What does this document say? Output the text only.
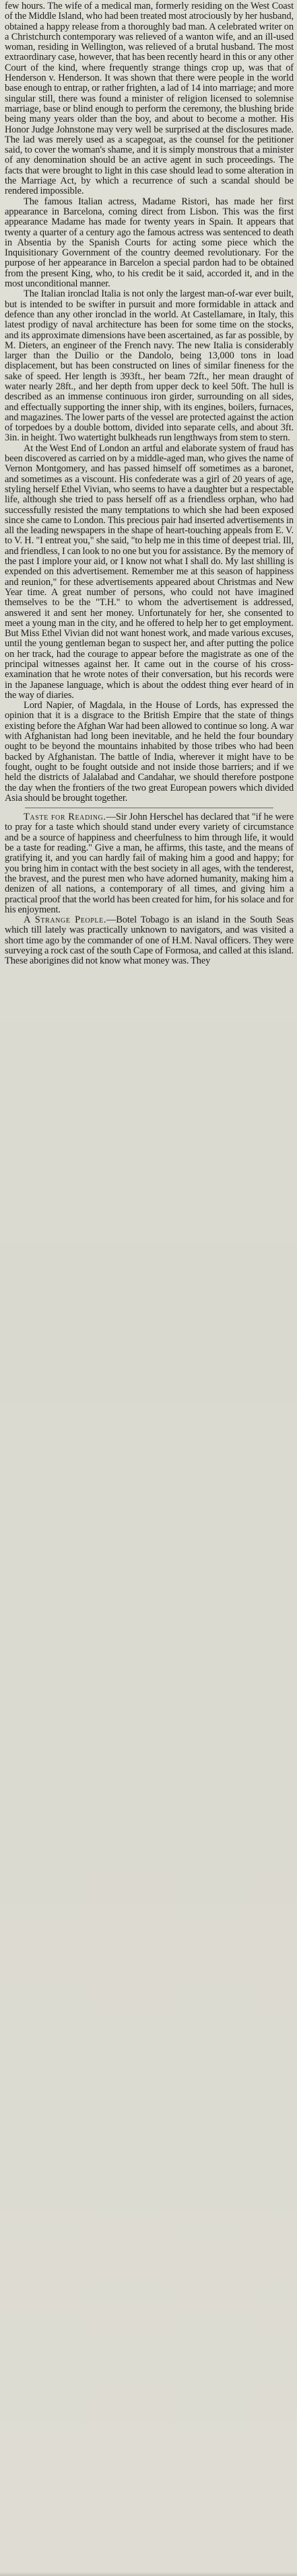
few hours. The wife of a medical man, formerly residing on the West Coast of the Middle Island, who had been treated most atrociously by her husband, obtained a happy release from a thoroughly bad man. A celebrated writer on a Christchurch contemporary was relieved of a wanton wife, and an ill-used woman, residing in Wellington, was relieved of a brutal husband. The most extraordinary case, however, that has been recently heard in this or any other Court of the kind, where frequently strange things crop up, was that of Henderson v. Henderson. It was shown that there were people in the world base enough to entrap, or rather frighten, a lad of 14 into marriage; and more singular still, there was found a minister of religion licensed to solemnise marriage, base or blind enough to perform the ceremony, the blushing bride being many years older than the boy, and about to become a mother. His Honor Judge Johnstone may very well be surprised at the disclosures made. The lad was merely used as a scapegoat, as the counsel for the petitioner said, to cover the woman's shame, and it is simply monstrous that a minister of any denomination should be an active agent in such proceedings. The facts that were brought to light in this case should lead to some alteration in the Marriage Act, by which a recurrence of such a scandal should be rendered impossible.

The famous Italian actress, Madame Ristori, has made her first appearance in Barcelona, coming direct from Lisbon. This was the first appearance Madame has made for twenty years in Spain. It appears that twenty a quarter of a century ago the famous actress was sentenced to death in Absentia by the Spanish Courts for acting some piece which the Inquisitionary Government of the country deemed revolutionary. For the purpose of her appearance in Barcelon a special pardon had to be obtained from the present King, who, to his credit be it said, accorded it, and in the most unconditional manner.

The Italian ironclad Italia is not only the largest man-of-war ever built, but is intended to be swifter in pursuit and more formidable in attack and defence than any other ironclad in the world. At Castellamare, in Italy, this latest prodigy of naval architecture has been for some time on the stocks, and its approximate dimensions have been ascertained, as far as possible, by M. Dieters, an engineer of the French navy. The new Italia is considerably larger than the Duilio or the Dandolo, being 13,000 tons in load displacement, but has been constructed on lines of similar fineness for the sake of speed. Her length is 393ft., her beam 72ft., her mean draught of water nearly 28ft., and her depth from upper deck to keel 50ft. The hull is described as an immense continuous iron girder, surrounding on all sides, and effectually supporting the inner ship, with its engines, boilers, furnaces, and magazines. The lower parts of the vessel are protected against the action of torpedoes by a double bottom, divided into separate cells, and about 3ft. 3in. in height. Two watertight bulkheads run lengthways from stem to stern.

At the West End of London an artful and elaborate system of fraud has been discovered as carried on by a middle-aged man, who gives the name of Vernon Montgomery, and has passed himself off sometimes as a baronet, and sometimes as a viscount. His confederate was a girl of 20 years of age, styling herself Ethel Vivian, who seems to have a daughter but a respectable life, although she tried to pass herself off as a friendless orphan, who had successfully resisted the many temptations to which she had been exposed since she came to London. This precious pair had inserted advertisements in all the leading newspapers in the shape of heart-touching appeals from E. V. to V. H. "I entreat you," she said, "to help me in this time of deepest trial. Ill, and friendless, I can look to no one but you for assistance. By the memory of the past I implore your aid, or I know not what I shall do. My last shilling is expended on this advertisement. Remember me at this season of happiness and reunion," for these advertisements appeared about Christmas and New Year time. A great number of persons, who could not have imagined themselves to be the "T.H." to whom the advertisement is addressed, answered it and sent her money. Unfortunately for her, she consented to meet a young man in the city, and he offered to help her to get employment. But Miss Ethel Vivian did not want honest work, and made various excuses, until the young gentleman began to suspect her, and after putting the police on her track, had the courage to appear before the magistrate as one of the principal witnesses against her. It came out in the course of his cross-examination that he wrote notes of their conversation, but his records were in the Japanese language, which is about the oddest thing ever heard of in the way of diaries.

Lord Napier, of Magdala, in the House of Lords, has expressed the opinion that it is a disgrace to the British Empire that the state of things existing before the Afghan War had been allowed to continue so long. A war with Afghanistan had long been inevitable, and he held the four boundary ought to be beyond the mountains inhabited by those tribes who had been backed by Afghanistan. The battle of India, wherever it might have to be fought, ought to be fought outside and not inside those barriers; and if we held the districts of Jalalabad and Candahar, we should therefore postpone the day when the frontiers of the two great European powers which divided Asia should be brought together.

Taste for Reading.—Sir John Herschel has declared that "if he were to pray for a taste which should stand under every variety of circumstance and be a source of happiness and cheerfulness to him through life, it would be a taste for reading." Give a man, he affirms, this taste, and the means of gratifying it, and you can hardly fail of making him a good and happy; for you bring him in contact with the best society in all ages, with the tenderest, the bravest, and the purest men who have adorned humanity, making him a denizen of all nations, a contemporary of all times, and giving him a practical proof that the world has been created for him, for his solace and for his enjoyment.

A Strange People.—Botel Tobago is an island in the South Seas which till lately was practically unknown to navigators, and was visited a short time ago by the commander of one of H.M. Naval officers. They were surveying a rock cast of the south Cape of Formosa, and called at this island. These aborigines did not know what money was. They
